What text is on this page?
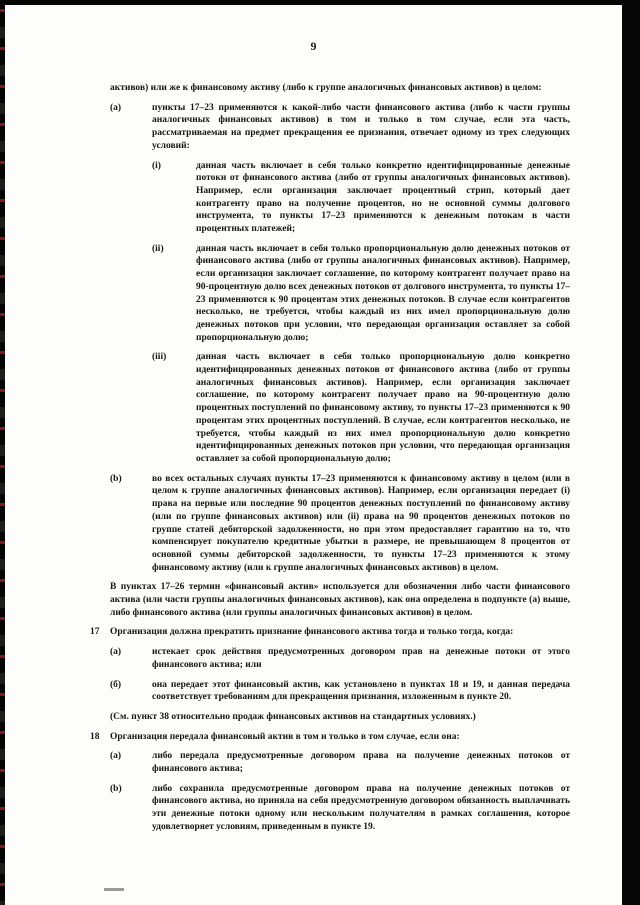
9
активов) или же к финансовому активу (либо к группе аналогичных финансовых активов) в целом:
(a)	пункты 17–23 применяются к какой-либо части финансового актива (либо к части группы аналогичных финансовых активов) в том и только в том случае, если эта часть, рассматриваемая на предмет прекращения ее признания, отвечает одному из трех следующих условий:
(i)	данная часть включает в себя только конкретно идентифицированные денежные потоки от финансового актива (либо от группы аналогичных финансовых активов). Например, если организация заключает процентный стрип, который дает контрагенту право на получение процентов, но не основной суммы долгового инструмента, то пункты 17–23 применяются к денежным потокам в части процентных платежей;
(ii)	данная часть включает в себя только пропорциональную долю денежных потоков от финансового актива (либо от группы аналогичных финансовых активов). Например, если организация заключает соглашение, по которому контрагент получает право на 90-процентную долю всех денежных потоков от долгового инструмента, то пункты 17–23 применяются к 90 процентам этих денежных потоков. В случае если контрагентов несколько, не требуется, чтобы каждый из них имел пропорциональную долю денежных потоков при условии, что передающая организация оставляет за собой пропорциональную долю;
(iii)	данная часть включает в себя только пропорциональную долю конкретно идентифицированных денежных потоков от финансового актива (либо от группы аналогичных финансовых активов). Например, если организация заключает соглашение, по которому контрагент получает право на 90-процентную долю процентных поступлений по финансовому активу, то пункты 17–23 применяются к 90 процентам этих процентных поступлений. В случае, если контрагентов несколько, не требуется, чтобы каждый из них имел пропорциональную долю конкретно идентифицированных денежных потоков при условии, что передающая организация оставляет за собой пропорциональную долю;
(b)	во всех остальных случаях пункты 17–23 применяются к финансовому активу в целом (или в целом к группе аналогичных финансовых активов). Например, если организация передает (i) права на первые или последние 90 процентов денежных поступлений по финансовому активу (или по группе финансовых активов) или (ii) права на 90 процентов денежных потоков по группе статей дебиторской задолженности, но при этом предоставляет гарантию на то, что компенсирует покупателю кредитные убытки в размере, не превышающем 8 процентов от основной суммы дебиторской задолженности, то пункты 17–23 применяются к этому финансовому активу (или к группе аналогичных финансовых активов) в целом.
В пунктах 17–26 термин «финансовый актив» используется для обозначения либо части финансового актива (или части группы аналогичных финансовых активов), как она определена в подпункте (a) выше, либо финансового актива (или группы аналогичных финансовых активов) в целом.
17	Организация должна прекратить признание финансового актива тогда и только тогда, когда:
(а)	истекает срок действия предусмотренных договором прав на денежные потоки от этого финансового актива; или
(б)	она передает этот финансовый актив, как установлено в пунктах 18 и 19, и данная передача соответствует требованиям для прекращения признания, изложенным в пункте 20.
(См. пункт 38 относительно продаж финансовых активов на стандартных условиях.)
18	Организация передала финансовый актив в том и только в том случае, если она:
(a)	либо передала предусмотренные договором права на получение денежных потоков от финансового актива;
(b)	либо сохранила предусмотренные договором права на получение денежных потоков от финансового актива, но приняла на себя предусмотренную договором обязанность выплачивать эти денежные потоки одному или нескольким получателям в рамках соглашения, которое удовлетворяет условиям, приведенным в пункте 19.
